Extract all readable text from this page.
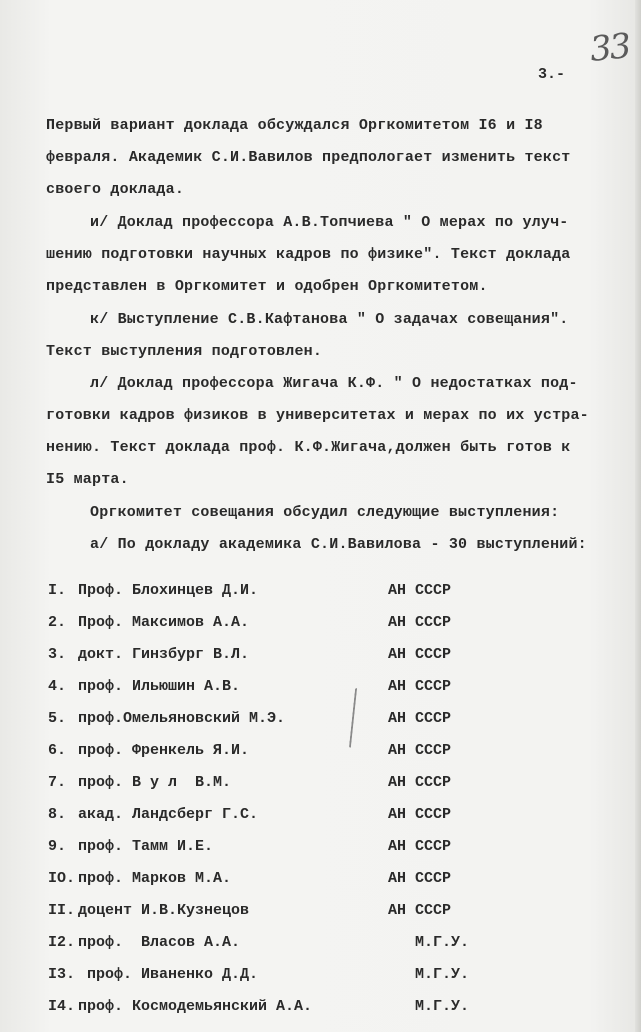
33
3.-
Первый вариант доклада обсуждался Оргкомитетом I6 и I8
февраля. Академик С.И.Вавилов предпологает изменить текст
своего доклада.
и/ Доклад профессора А.В.Топчиева " О мерах по улуч-
шению подготовки научных кадров по физике". Текст доклада
представлен в Оргкомитет и одобрен Оргкомитетом.
к/ Выступление С.В.Кафтанова " О задачах совещания".
Текст выступления подготовлен.
л/ Доклад профессора Жигача К.Ф. " О недостатках под-
готовки кадров физиков в университетах и мерах по их устра-
нению. Текст доклада проф. К.Ф.Жигача,должен быть готов к
I5 марта.
Оргкомитет совещания обсудил следующие выступления:
а/ По докладу академика С.И.Вавилова - 30 выступлений:
I. Проф. Блохинцев Д.И.	АН СССР
2. Проф. Максимов А.А.	АН СССР
3. докт. Гинзбург В.Л.	АН СССР
4. проф. Ильюшин А.В.	АН СССР
5. проф.Омельяновский М.Э.	АН СССР
6. проф. Френкель Я.И.	АН СССР
7. проф. В у л  В.М.	АН СССР
8. акад. Ландсберг Г.С.	АН СССР
9. проф. Тамм И.Е.	АН СССР
IO. проф. Марков М.А.	АН СССР
II. доцент И.В.Кузнецов	АН СССР
I2. проф.  Власов А.А.	М.Г.У.
I3. проф. Иваненко Д.Д.	М.Г.У.
I4. проф. Космодемьянский А.А.	М.Г.У.
